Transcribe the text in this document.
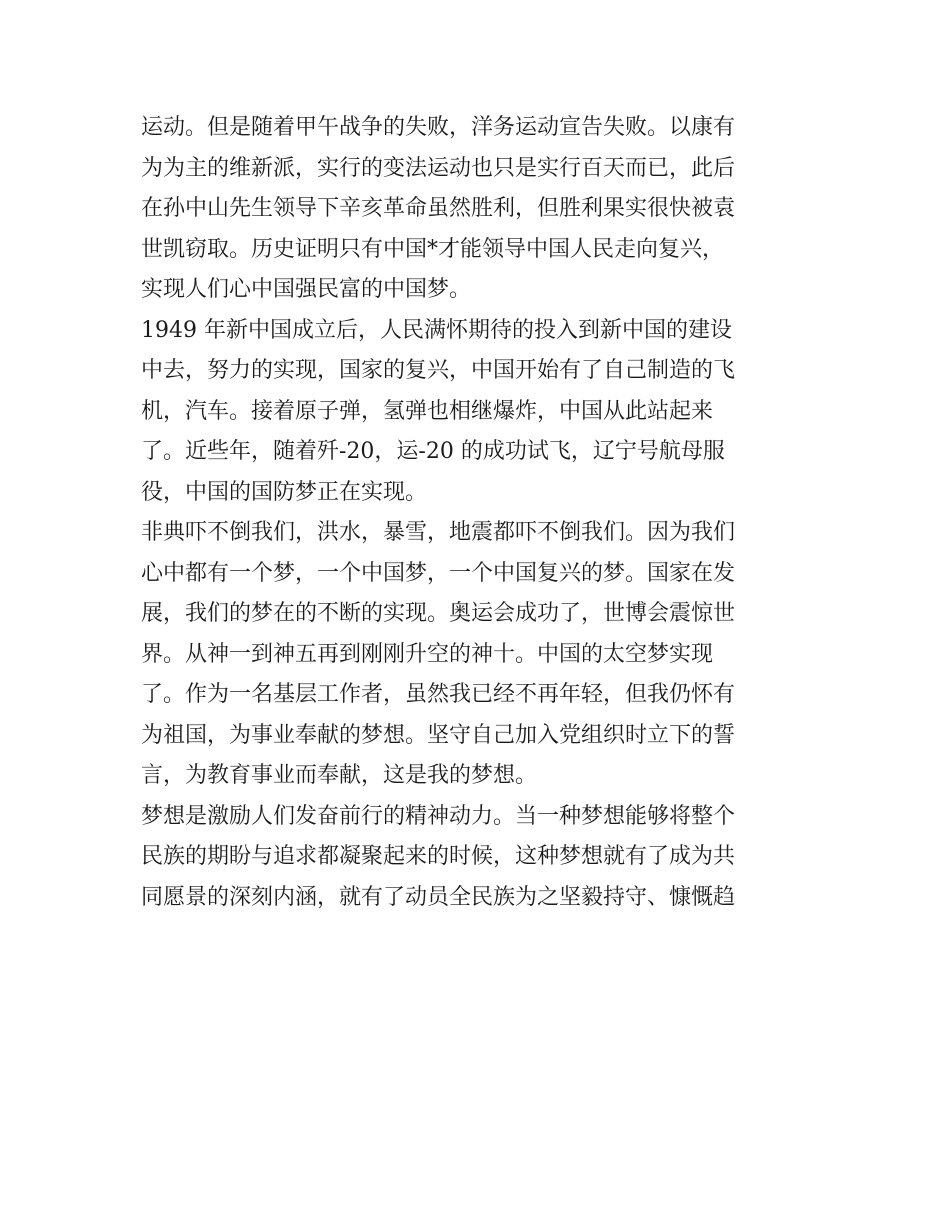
运动。但是随着甲午战争的失败，洋务运动宣告失败。以康有
为为主的维新派，实行的变法运动也只是实行百天而已，此后
在孙中山先生领导下辛亥革命虽然胜利，但胜利果实很快被袁
世凯窃取。历史证明只有中国*才能领导中国人民走向复兴，
实现人们心中国强民富的中国梦。
1949 年新中国成立后，人民满怀期待的投入到新中国的建设
中去，努力的实现，国家的复兴，中国开始有了自己制造的飞
机，汽车。接着原子弹，氢弹也相继爆炸，中国从此站起来
了。近些年，随着歼-20，运-20 的成功试飞，辽宁号航母服
役，中国的国防梦正在实现。
非典吓不倒我们，洪水，暴雪，地震都吓不倒我们。因为我们
心中都有一个梦，一个中国梦，一个中国复兴的梦。国家在发
展，我们的梦在的不断的实现。奥运会成功了，世博会震惊世
界。从神一到神五再到刚刚升空的神十。中国的太空梦实现
了。作为一名基层工作者，虽然我已经不再年轻，但我仍怀有
为祖国，为事业奉献的梦想。坚守自己加入党组织时立下的誓
言，为教育事业而奉献，这是我的梦想。
梦想是激励人们发奋前行的精神动力。当一种梦想能够将整个
民族的期盼与追求都凝聚起来的时候，这种梦想就有了成为共
同愿景的深刻内涵，就有了动员全民族为之坚毅持守、慷慨趋
